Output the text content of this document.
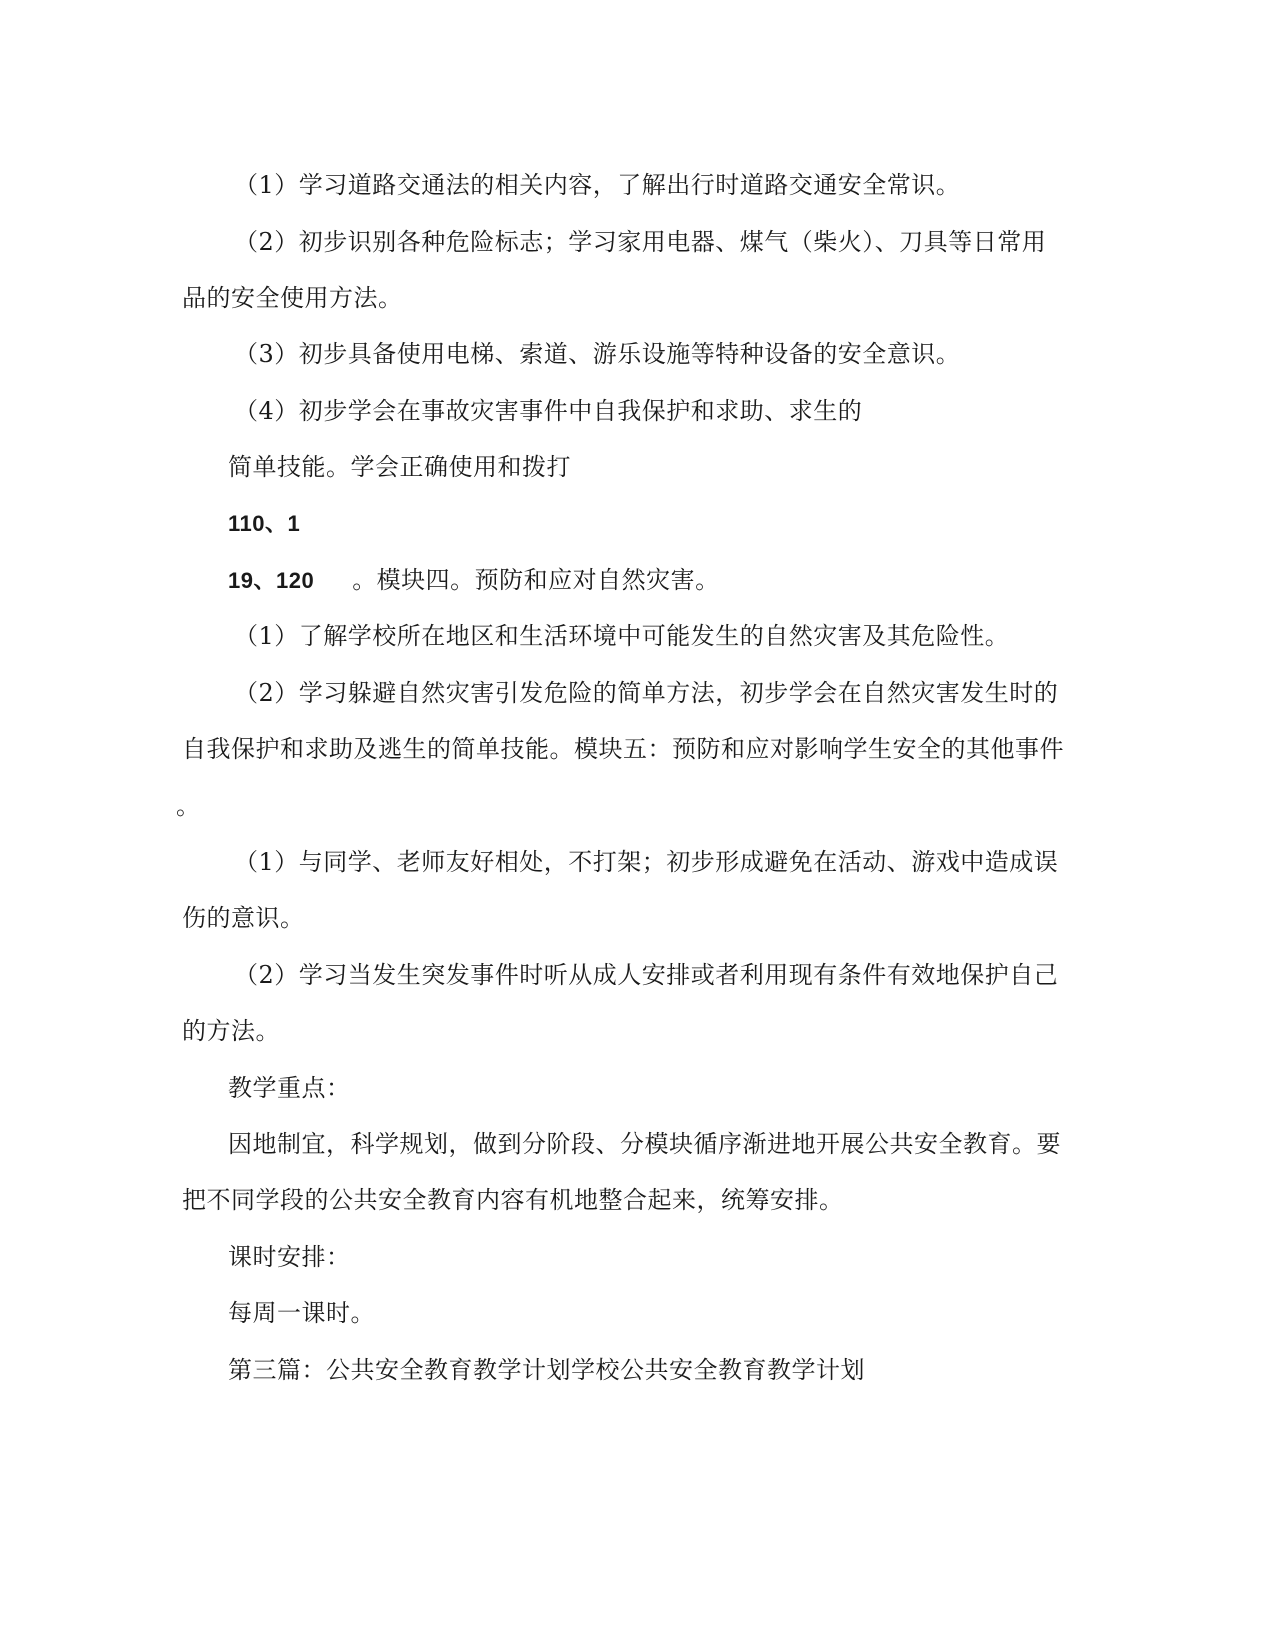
（1）学习道路交通法的相关内容，了解出行时道路交通安全常识。
（2）初步识别各种危险标志；学习家用电器、煤气（柴火）、刀具等日常用
品的安全使用方法。
（3）初步具备使用电梯、索道、游乐设施等特种设备的安全意识。
（4）初步学会在事故灾害事件中自我保护和求助、求生的
简单技能。学会正确使用和拨打
110、1
19、120 。模块四。预防和应对自然灾害。
（1）了解学校所在地区和生活环境中可能发生的自然灾害及其危险性。
（2）学习躲避自然灾害引发危险的简单方法，初步学会在自然灾害发生时的
自我保护和求助及逃生的简单技能。模块五：预防和应对影响学生安全的其他事件
。
（1）与同学、老师友好相处，不打架；初步形成避免在活动、游戏中造成误
伤的意识。
（2）学习当发生突发事件时听从成人安排或者利用现有条件有效地保护自己
的方法。
教学重点：
因地制宜，科学规划，做到分阶段、分模块循序渐进地开展公共安全教育。要
把不同学段的公共安全教育内容有机地整合起来，统筹安排。
课时安排：
每周一课时。
第三篇：公共安全教育教学计划学校公共安全教育教学计划
